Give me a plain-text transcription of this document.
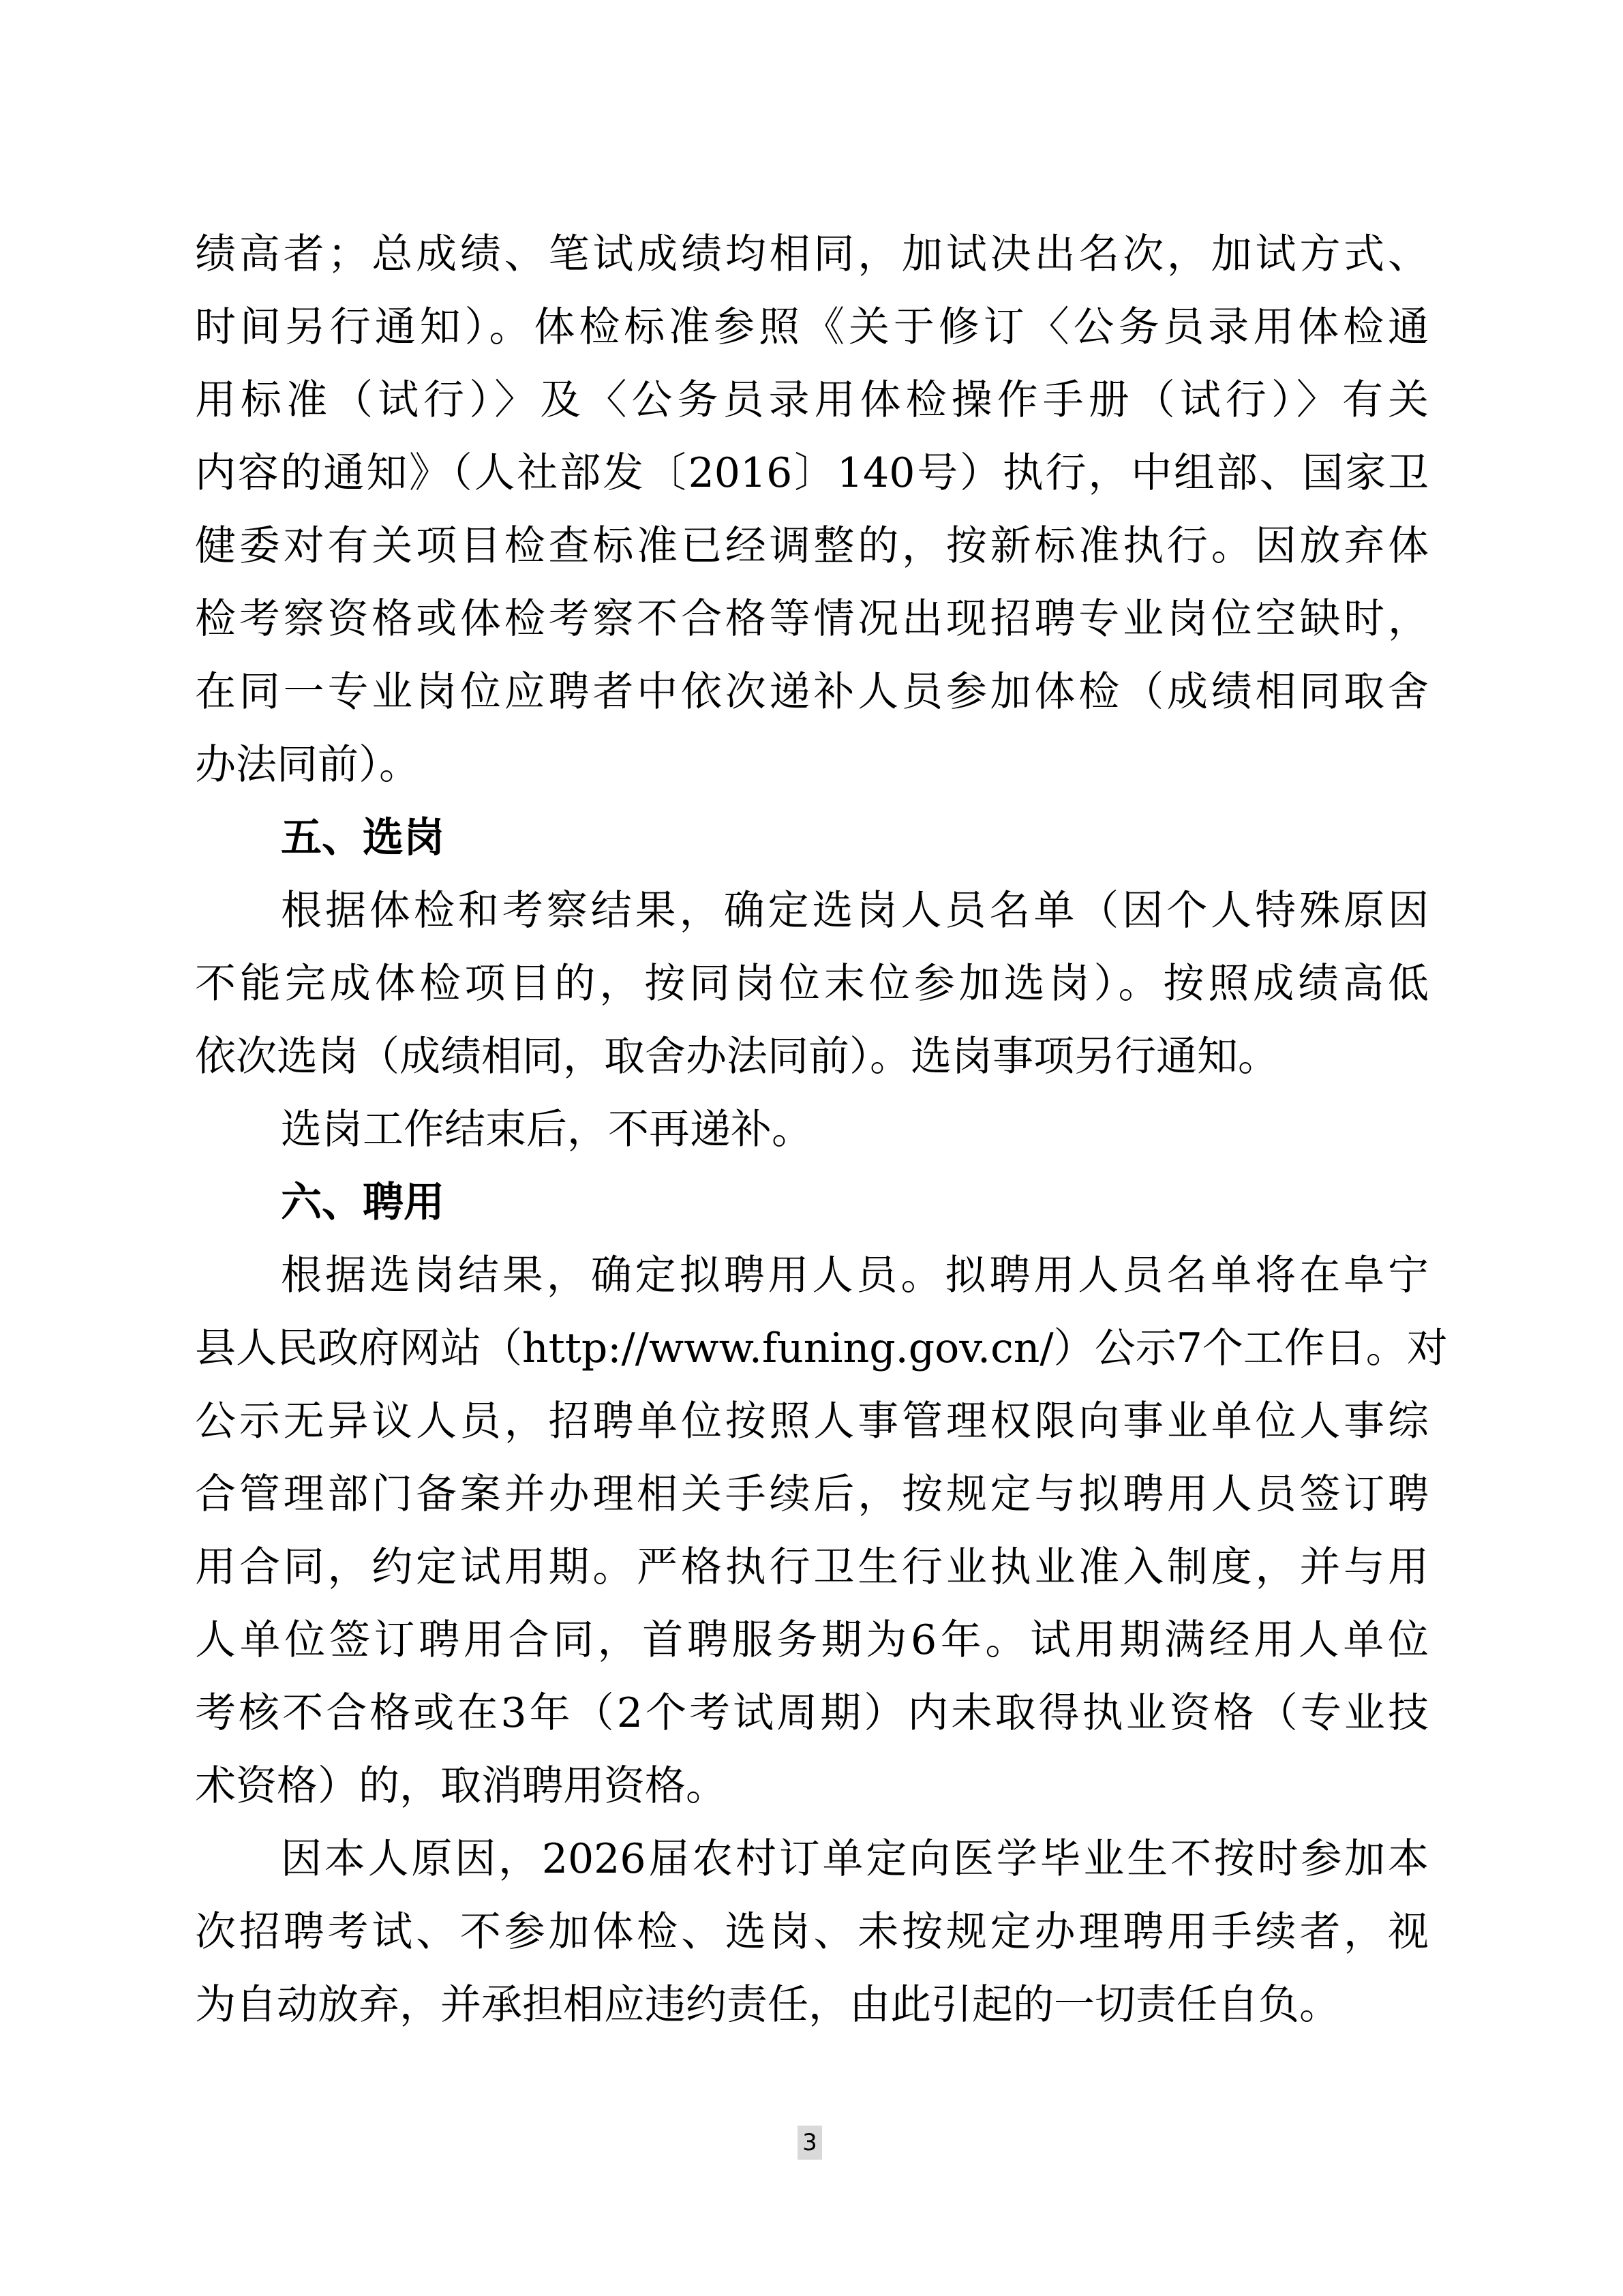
绩高者；总成绩、笔试成绩均相同，加试决出名次，加试方式、
时间另行通知）。体检标准参照《关于修订〈公务员录用体检通
用标准（试行）〉及〈公务员录用体检操作手册（试行）〉有关
内容的通知》（人社部发〔2016〕140号）执行，中组部、国家卫
健委对有关项目检查标准已经调整的，按新标准执行。因放弃体
检考察资格或体检考察不合格等情况出现招聘专业岗位空缺时，
在同一专业岗位应聘者中依次递补人员参加体检（成绩相同取舍
办法同前）。
五、选岗
根据体检和考察结果，确定选岗人员名单（因个人特殊原因
不能完成体检项目的，按同岗位末位参加选岗）。按照成绩高低
依次选岗（成绩相同，取舍办法同前）。选岗事项另行通知。
选岗工作结束后，不再递补。
六、聘用
根据选岗结果，确定拟聘用人员。拟聘用人员名单将在阜宁
县人民政府网站（http://www.funing.gov.cn/）公示7个工作日。对
公示无异议人员，招聘单位按照人事管理权限向事业单位人事综
合管理部门备案并办理相关手续后，按规定与拟聘用人员签订聘
用合同，约定试用期。严格执行卫生行业执业准入制度，并与用
人单位签订聘用合同，首聘服务期为6年。试用期满经用人单位
考核不合格或在3年（2个考试周期）内未取得执业资格（专业技
术资格）的，取消聘用资格。
因本人原因，2026届农村订单定向医学毕业生不按时参加本
次招聘考试、不参加体检、选岗、未按规定办理聘用手续者，视
为自动放弃，并承担相应违约责任，由此引起的一切责任自负。
3
